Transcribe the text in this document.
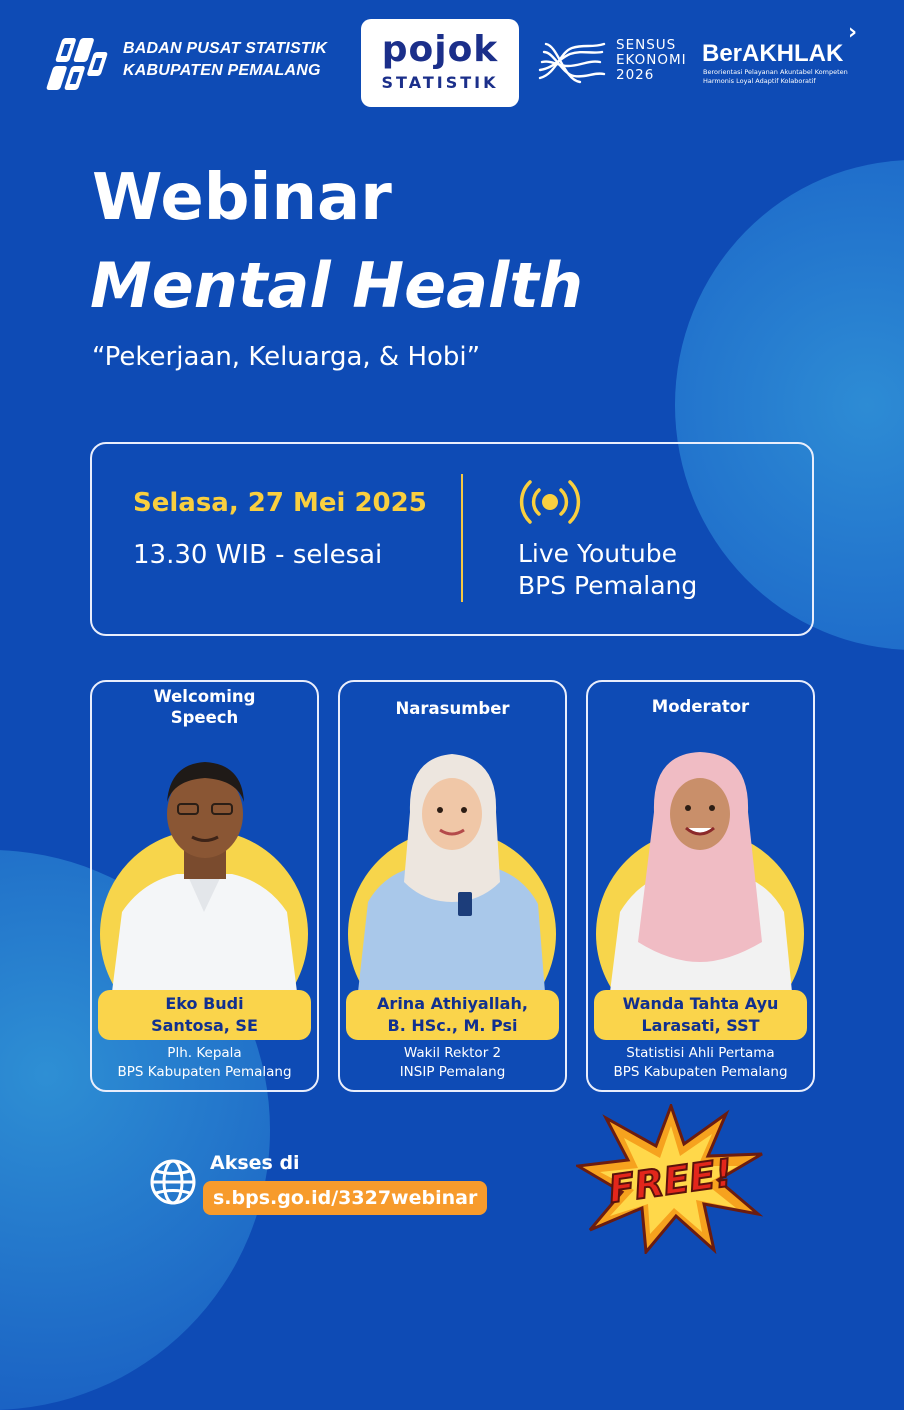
BADAN PUSAT STATISTIK
KABUPATEN PEMALANG
pojok
STATISTIK
SENSUS
EKONOMI
2026
BerAKHLAK
›
Berorientasi Pelayanan Akuntabel Kompeten Harmonis Loyal Adaptif Kolaboratif
Webinar
Mental Health
“Pekerjaan, Keluarga, & Hobi”
Selasa, 27 Mei 2025
13.30 WIB - selesai	Live Youtube
BPS Pemalang
Welcoming
Speech
Eko Budi
Santosa, SE
Plh. Kepala
BPS Kabupaten Pemalang
Narasumber
Arina Athiyallah,
B. HSc., M. Psi
Wakil Rektor 2
INSIP Pemalang
Moderator
Wanda Tahta Ayu
Larasati, SST
Statistisi Ahli Pertama
BPS Kabupaten Pemalang
Akses di
s.bps.go.id/3327webinar	FREE!
